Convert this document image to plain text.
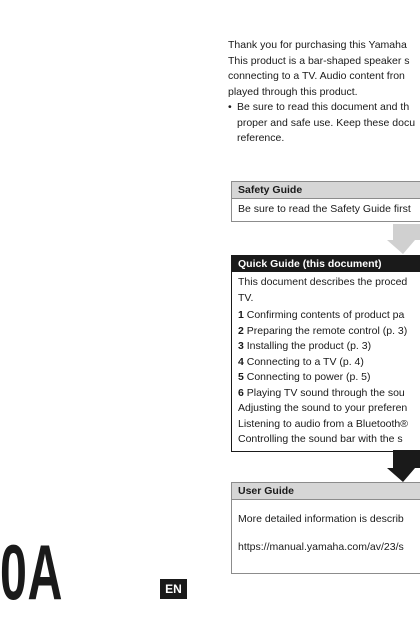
Thank you for purchasing this Yamaha

This product is a bar-shaped speaker s

connecting to a TV. Audio content fron

played through this product.

• Be sure to read this document and th

proper and safe use. Keep these docu

reference.

Safety Guide
Be sure to read the Safety Guide first
Quick Guide (this document)

This document describes the proced

TV.

1 Confirming contents of product pa

2 Preparing the remote control (p. 3)

3 Installing the product (p. 3)

4 Connecting to a TV (p. 4)

5 Connecting to power (p. 5)

6 Playing TV sound through the sou

Adjusting the sound to your preferen

Listening to audio from a Bluetooth®

Controlling the sound bar with the s

User Guide

More detailed information is describ

https://manual.yamaha.com/av/23/s

0A	EN
